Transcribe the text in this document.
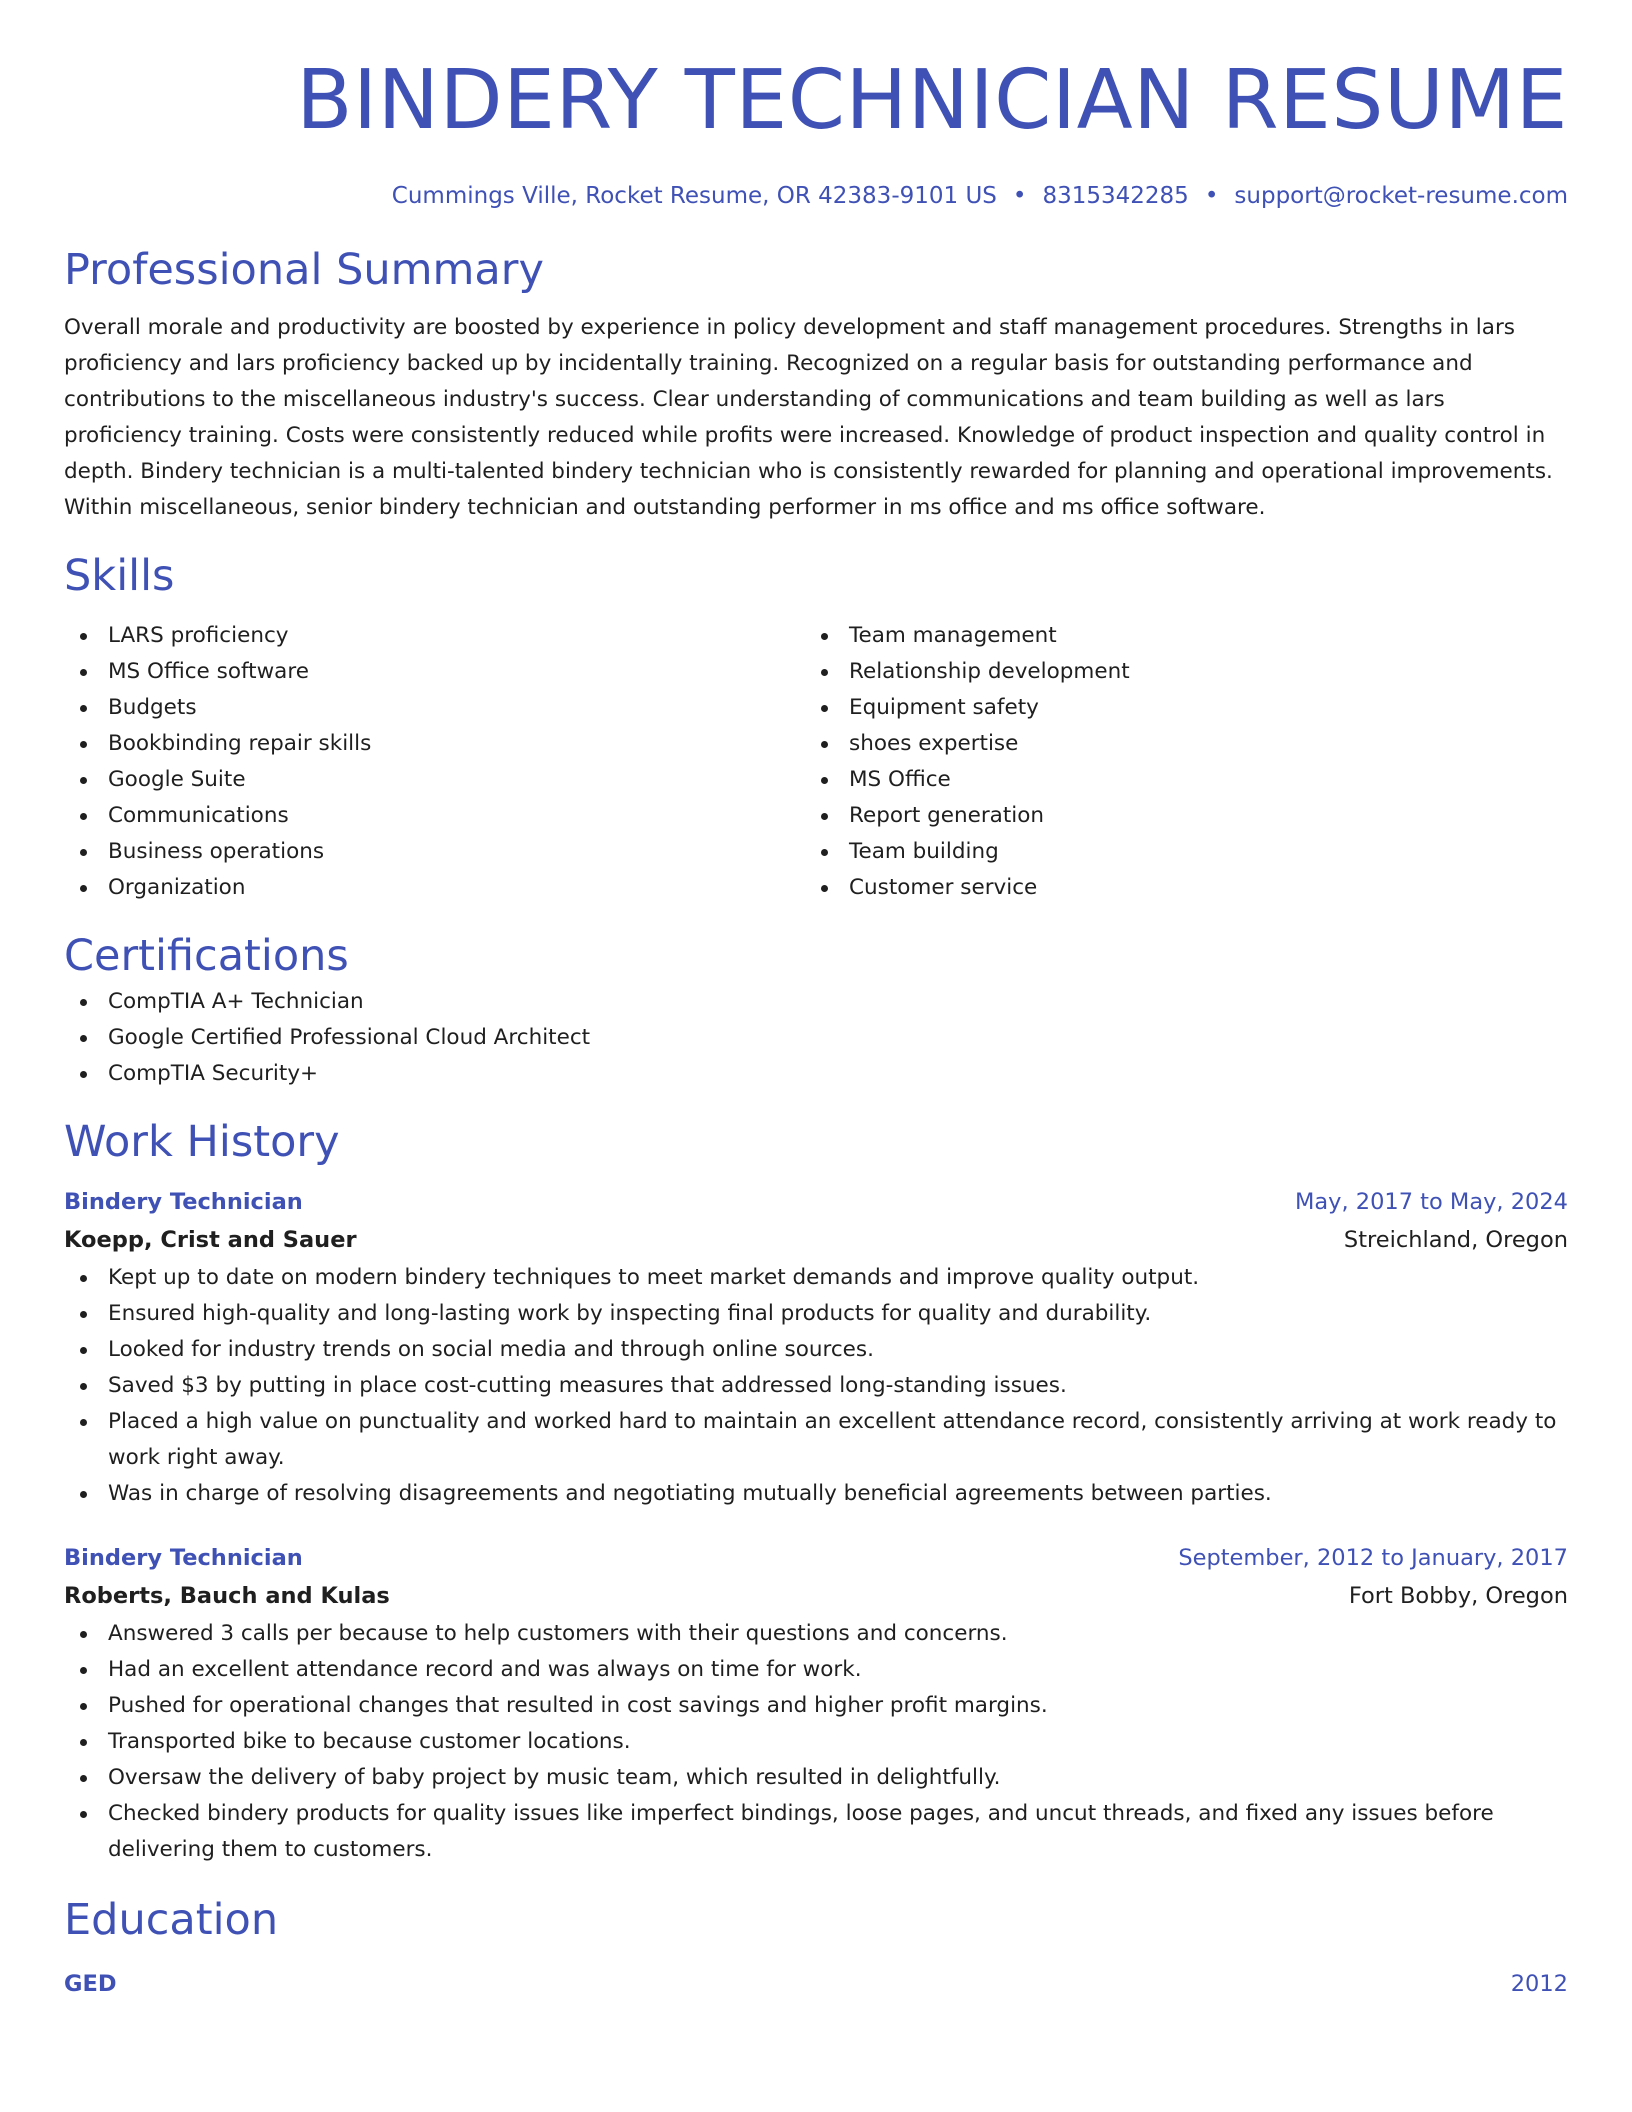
BINDERY TECHNICIAN RESUME
Cummings Ville, Rocket Resume, OR 42383-9101 US • 8315342285 • support@rocket-resume.com
Professional Summary
Overall morale and productivity are boosted by experience in policy development and staff management procedures. Strengths in lars proficiency and lars proficiency backed up by incidentally training. Recognized on a regular basis for outstanding performance and contributions to the miscellaneous industry's success. Clear understanding of communications and team building as well as lars proficiency training. Costs were consistently reduced while profits were increased. Knowledge of product inspection and quality control in depth. Bindery technician is a multi-talented bindery technician who is consistently rewarded for planning and operational improvements. Within miscellaneous, senior bindery technician and outstanding performer in ms office and ms office software.
Skills
LARS proficiency
MS Office software
Budgets
Bookbinding repair skills
Google Suite
Communications
Business operations
Organization
Team management
Relationship development
Equipment safety
shoes expertise
MS Office
Report generation
Team building
Customer service
Certifications
CompTIA A+ Technician
Google Certified Professional Cloud Architect
CompTIA Security+
Work History
Bindery Technician	May, 2017 to May, 2024
Koepp, Crist and Sauer	Streichland, Oregon
Kept up to date on modern bindery techniques to meet market demands and improve quality output.
Ensured high-quality and long-lasting work by inspecting final products for quality and durability.
Looked for industry trends on social media and through online sources.
Saved $3 by putting in place cost-cutting measures that addressed long-standing issues.
Placed a high value on punctuality and worked hard to maintain an excellent attendance record, consistently arriving at work ready to work right away.
Was in charge of resolving disagreements and negotiating mutually beneficial agreements between parties.
Bindery Technician	September, 2012 to January, 2017
Roberts, Bauch and Kulas	Fort Bobby, Oregon
Answered 3 calls per because to help customers with their questions and concerns.
Had an excellent attendance record and was always on time for work.
Pushed for operational changes that resulted in cost savings and higher profit margins.
Transported bike to because customer locations.
Oversaw the delivery of baby project by music team, which resulted in delightfully.
Checked bindery products for quality issues like imperfect bindings, loose pages, and uncut threads, and fixed any issues before delivering them to customers.
Education
GED	2012
